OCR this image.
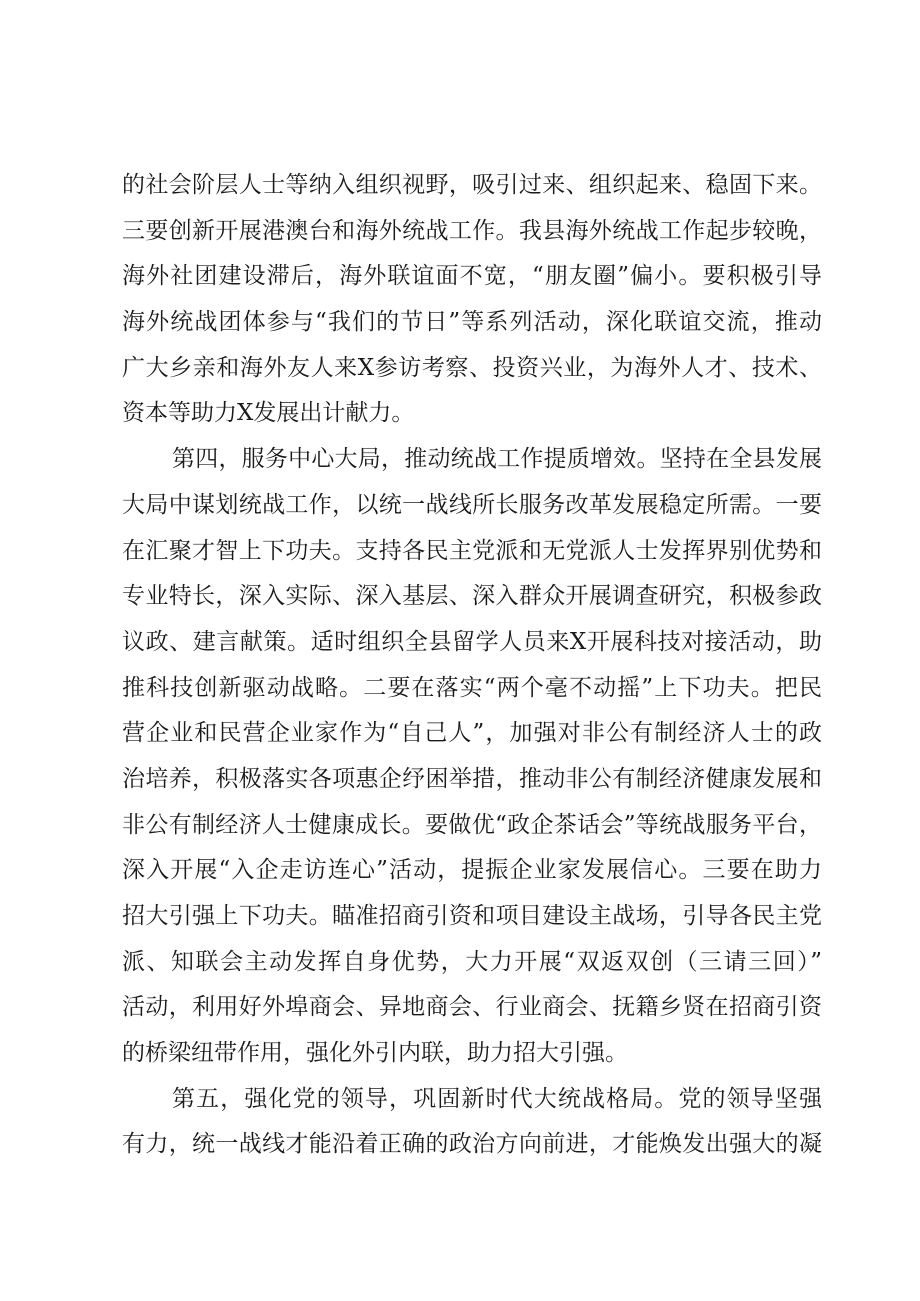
的社会阶层人士等纳入组织视野，吸引过来、组织起来、稳固下来。
三要创新开展港澳台和海外统战工作。我县海外统战工作起步较晚，
海外社团建设滞后，海外联谊面不宽，“朋友圈”偏小。要积极引导
海外统战团体参与“我们的节日”等系列活动，深化联谊交流，推动
广大乡亲和海外友人来X参访考察、投资兴业，为海外人才、技术、
资本等助力X发展出计献力。
第四，服务中心大局，推动统战工作提质增效。坚持在全县发展
大局中谋划统战工作，以统一战线所长服务改革发展稳定所需。一要
在汇聚才智上下功夫。支持各民主党派和无党派人士发挥界别优势和
专业特长，深入实际、深入基层、深入群众开展调查研究，积极参政
议政、建言献策。适时组织全县留学人员来X开展科技对接活动，助
推科技创新驱动战略。二要在落实“两个毫不动摇”上下功夫。把民
营企业和民营企业家作为“自己人”，加强对非公有制经济人士的政
治培养，积极落实各项惠企纾困举措，推动非公有制经济健康发展和
非公有制经济人士健康成长。要做优“政企茶话会”等统战服务平台，
深入开展“入企走访连心”活动，提振企业家发展信心。三要在助力
招大引强上下功夫。瞄准招商引资和项目建设主战场，引导各民主党
派、知联会主动发挥自身优势，大力开展“双返双创（三请三回）”
活动，利用好外埠商会、异地商会、行业商会、抚籍乡贤在招商引资
的桥梁纽带作用，强化外引内联，助力招大引强。
第五，强化党的领导，巩固新时代大统战格局。党的领导坚强
有力，统一战线才能沿着正确的政治方向前进，才能焕发出强大的凝
